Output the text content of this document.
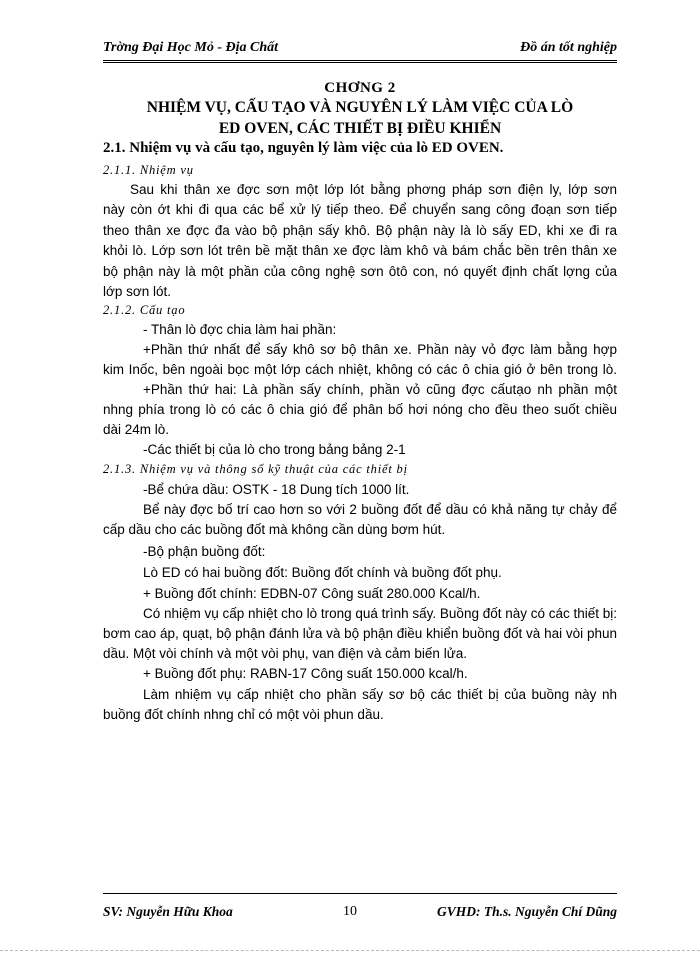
Trờng Đại Học Mỏ - Địa Chất	Đồ án tốt nghiệp
CHƠNG 2
NHIỆM VỤ, CẤU TẠO VÀ NGUYÊN LÝ LÀM VIỆC CỦA LÒ
ED OVEN, CÁC THIẾT BỊ ĐIỀU KHIỂN
2.1. Nhiệm vụ và cấu tạo, nguyên lý làm việc của lò ED OVEN.
2.1.1. Nhiệm vụ
Sau khi thân xe đợc sơn một lớp lót bằng phơng pháp sơn điện ly, lớp sơn
này còn ớt khi đi qua các bể xử lý tiếp theo. Để chuyển sang công đoạn sơn tiếp
theo thân xe đợc đa vào bộ phận sấy khô. Bộ phận này là lò sấy ED, khi xe đi ra
khỏi lò. Lớp sơn lót trên bề mặt thân xe đợc làm khô và bám chắc bền trên thân xe
bộ phận này là một phần của công nghệ sơn ôtô con, nó quyết định chất lợng của
lớp sơn lót.
2.1.2. Cấu tạo
- Thân lò đợc chia làm hai phần:
+Phần thứ nhất để sấy khô sơ bộ thân xe. Phần này vỏ đợc làm bằng hợp
kim Inốc, bên ngoài bọc một lớp cách nhiệt, không có các ô chia gió ở bên trong lò.
+Phần thứ hai: Là phần sấy chính, phần vỏ cũng đợc cấutạo nh phần một
nhng phía trong lò có các ô chia gió để phân bố hơi nóng cho đều theo suốt chiều
dài 24m lò.
-Các thiết bị của lò cho trong bảng bảng 2-1
2.1.3. Nhiệm vụ và thông số kỹ thuật của các thiết bị
-Bể chứa dầu: OSTK - 18 Dung tích 1000 lít.
Bể này đợc bố trí cao hơn so với 2 buồng đốt để dầu có khả năng tự chảy để
cấp dầu cho các buồng đốt mà không cần dùng bơm hút.
-Bộ phận buồng đốt:
Lò ED có hai buồng đốt: Buồng đốt chính và buồng đốt phụ.
+ Buồng đốt chính: EDBN-07 Công suất 280.000 Kcal/h.
Có nhiệm vụ cấp nhiệt cho lò trong quá trình sấy. Buồng đốt này có các thiết bị:
bơm cao áp, quạt, bộ phận đánh lửa và bộ phận điều khiển buồng đốt và hai vòi phun
dầu. Một vòi chính và một vòi phụ, van điện và cảm biến lửa.
+ Buồng đốt phụ: RABN-17 Công suất 150.000 kcal/h.
Làm nhiệm vụ cấp nhiệt cho phần sấy sơ bộ các thiết bị của buồng này nh
buồng đốt chính nhng chỉ có một vòi phun dầu.
SV: Nguyễn Hữu Khoa	10	GVHD: Th.s. Nguyễn Chí Dũng
